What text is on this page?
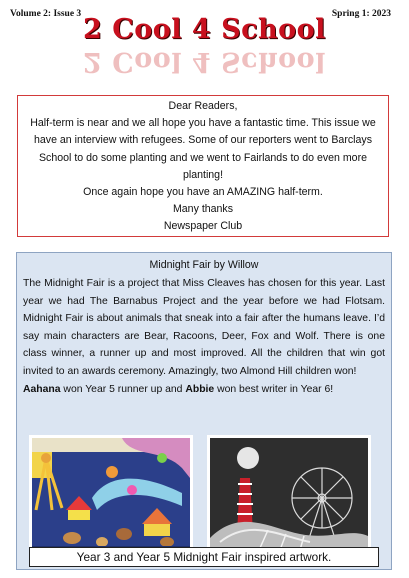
Volume 2: Issue 3 2 Cool 4 School
2 Cool 4 School
Spring 1: 2023

Dear Readers,

Half-term is near and we all hope you have a fantastic time. This issue we

have an interview with refugees. Some of our reporters went to Barclays

School to do some planting and we went to Fairlands to do even more

planting!

Once again hope you have an AMAZING half-term.

Many thanks

Newspaper Club

Midnight Fair by Willow

The Midnight Fair is a project that Miss Cleaves has chosen for this year. Last year we had The Barnabus Project and the year before we had Flotsam. Midnight Fair is about animals that sneak into a fair after the humans leave. I’d say main characters are Bear, Racoons, Deer, Fox and Wolf. There is one class winner, a runner up and most improved. All the children that win got invited to an awards ceremony. Amazingly, two Almond Hill children won!

Aahana won Year 5 runner up and Abbie won best writer in Year 6!

Year 3 and Year 5 Midnight Fair inspired artwork.
